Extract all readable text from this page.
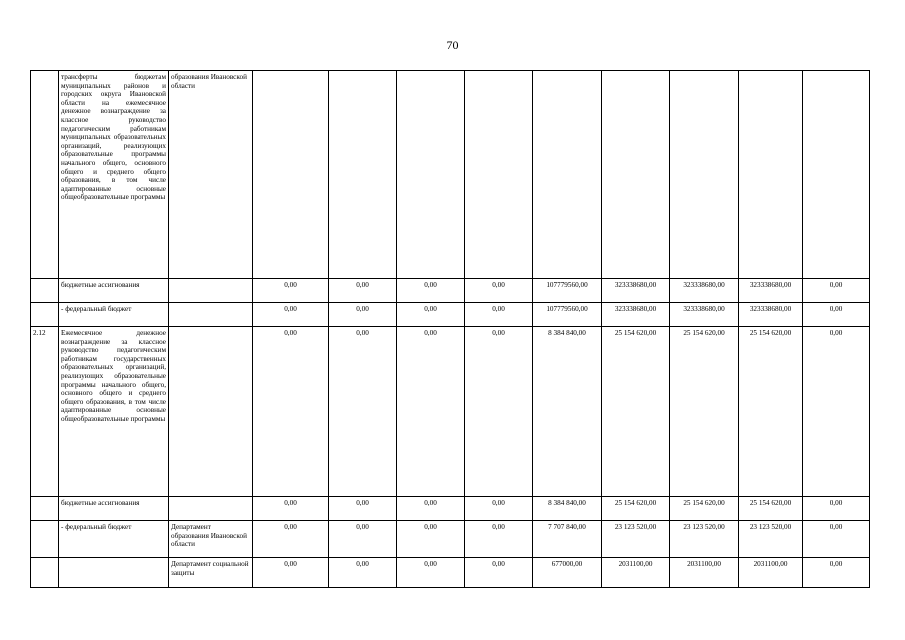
70
	трансферты бюджетам муниципальных районов и городских округа Ивановской области на ежемесячное денежное вознаграждение за классное руководство педагогическим работникам муниципальных образовательных организаций, реализующих образовательные программы начального общего, основного общего и среднего общего образования, в том числе адаптированные основные общеобразовательные программы	образования Ивановской области									
	бюджетные ассигнования		0,00	0,00	0,00	0,00	107779560,00	323338680,00	323338680,00	323338680,00	0,00
	- федеральный бюджет		0,00	0,00	0,00	0,00	107779560,00	323338680,00	323338680,00	323338680,00	0,00
2.12	Ежемесячное денежное вознаграждение за классное руководство педагогическим работникам государственных образовательных организаций, реализующих образовательные программы начального общего, основного общего и среднего общего образования, в том числе адаптированные основные общеобразовательные программы		0,00	0,00	0,00	0,00	8 384 840,00	25 154 620,00	25 154 620,00	25 154 620,00	0,00
	бюджетные ассигнования		0,00	0,00	0,00	0,00	8 384 840,00	25 154 620,00	25 154 620,00	25 154 620,00	0,00
	- федеральный бюджет	Департамент образования Ивановской области	0,00	0,00	0,00	0,00	7 707 840,00	23 123 520,00	23 123 520,00	23 123 520,00	0,00
		Департамент социальной защиты	0,00	0,00	0,00	0,00	677000,00	2031100,00	2031100,00	2031100,00	0,00
